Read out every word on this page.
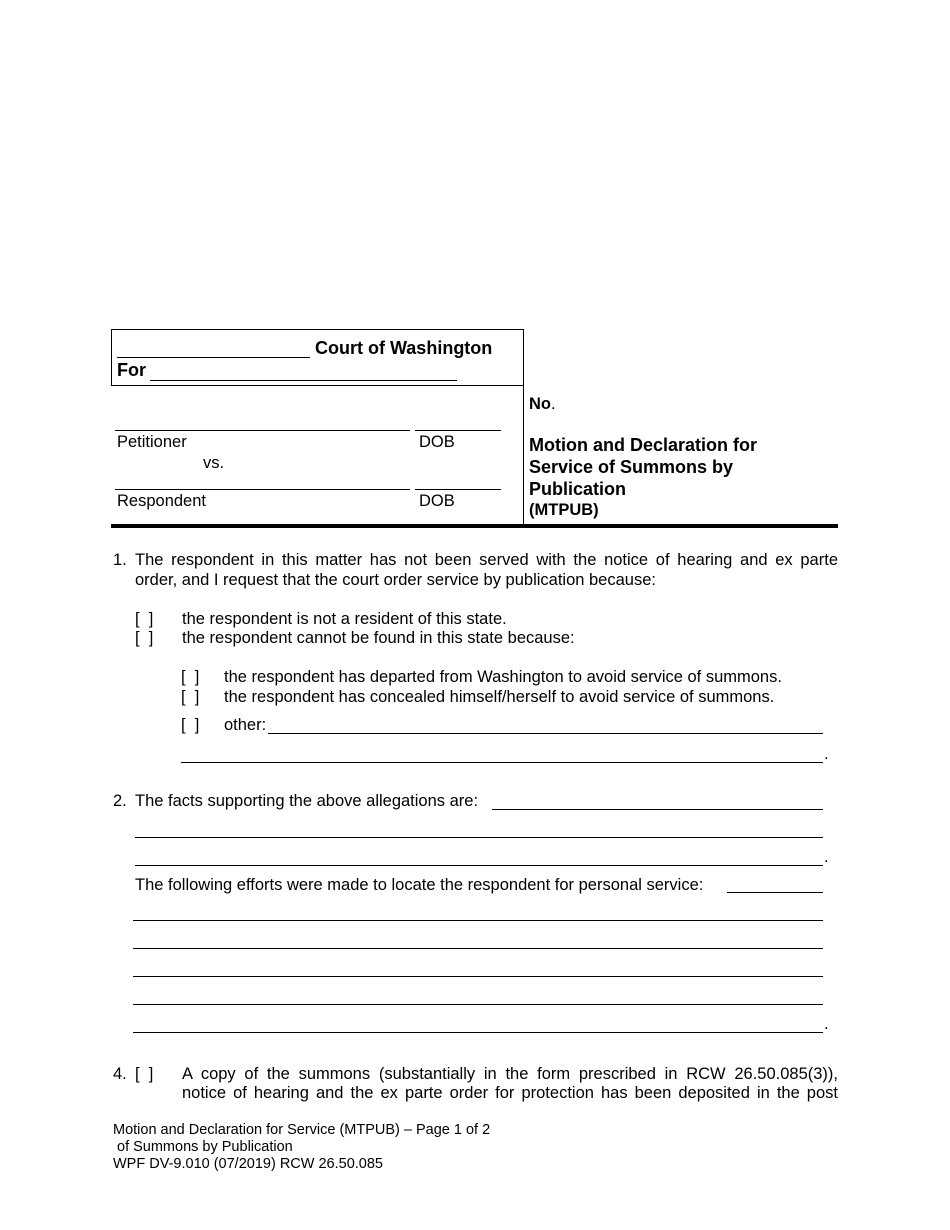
Court of Washington
For
Petitioner	DOB
vs.
Respondent	DOB
No.
Motion and Declaration for
Service of Summons by
Publication
(MTPUB)
1. The respondent in this matter has not been served with the notice of hearing and ex parte
order, and I request that the court order service by publication because:
[  ] the respondent is not a resident of this state.
[  ] the respondent cannot be found in this state because:
[  ] the respondent has departed from Washington to avoid service of summons.
[  ] the respondent has concealed himself/herself to avoid service of summons.
[  ] other:
.
2. The facts supporting the above allegations are:
.
The following efforts were made to locate the respondent for personal service:
.
4. [  ] A copy of the summons (substantially in the form prescribed in RCW 26.50.085(3)),
notice of hearing and the ex parte order for protection has been deposited in the post
Motion and Declaration for Service (MTPUB) – Page 1 of 2
of Summons by Publication
WPF DV-9.010 (07/2019) RCW 26.50.085
